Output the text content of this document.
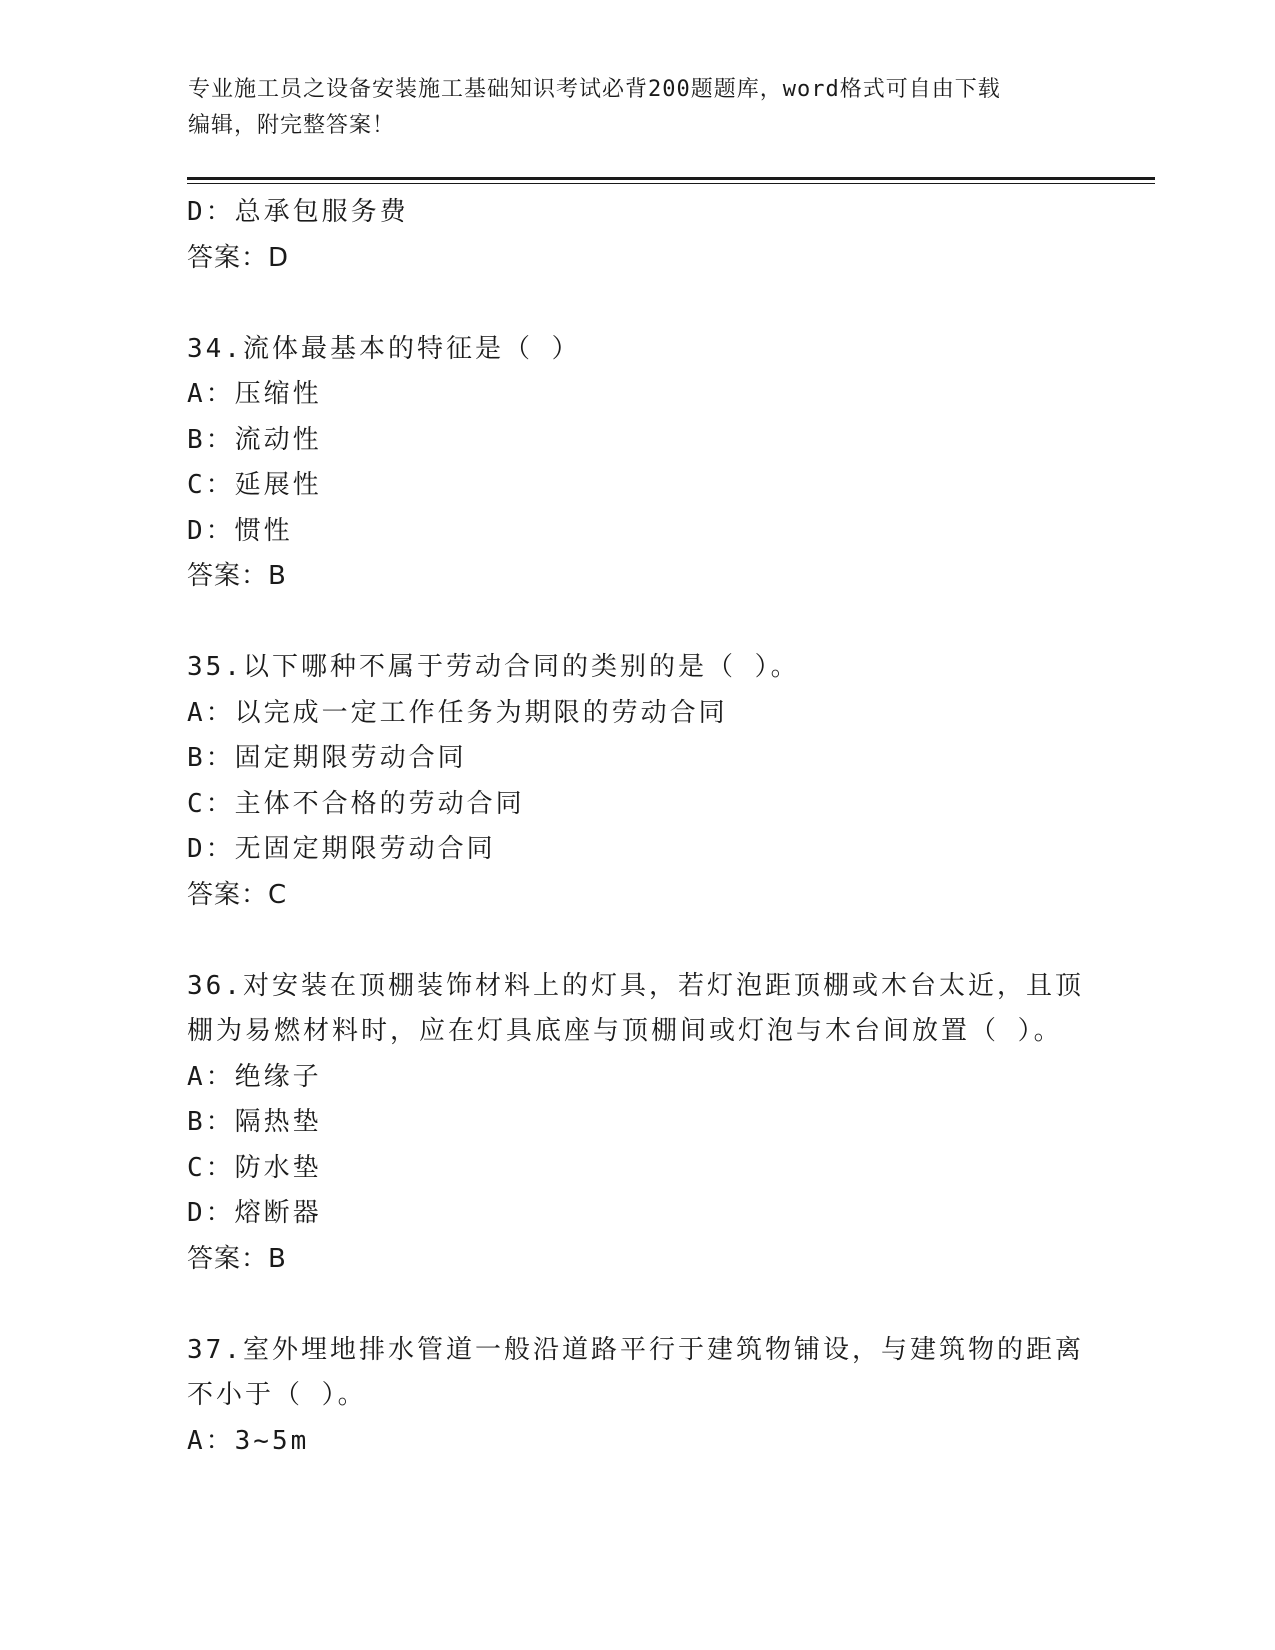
专业施工员之设备安装施工基础知识考试必背200题题库，word格式可自由下载
编辑，附完整答案！
D：总承包服务费
答案：D
34.流体最基本的特征是（ ）
A：压缩性
B：流动性
C：延展性
D：惯性
答案：B
35.以下哪种不属于劳动合同的类别的是（ ）。
A：以完成一定工作任务为期限的劳动合同
B：固定期限劳动合同
C：主体不合格的劳动合同
D：无固定期限劳动合同
答案：C
36.对安装在顶棚装饰材料上的灯具，若灯泡距顶棚或木台太近，且顶
棚为易燃材料时，应在灯具底座与顶棚间或灯泡与木台间放置（ ）。
A：绝缘子
B：隔热垫
C：防水垫
D：熔断器
答案：B
37.室外埋地排水管道一般沿道路平行于建筑物铺设，与建筑物的距离
不小于（ ）。
A：3~5m
